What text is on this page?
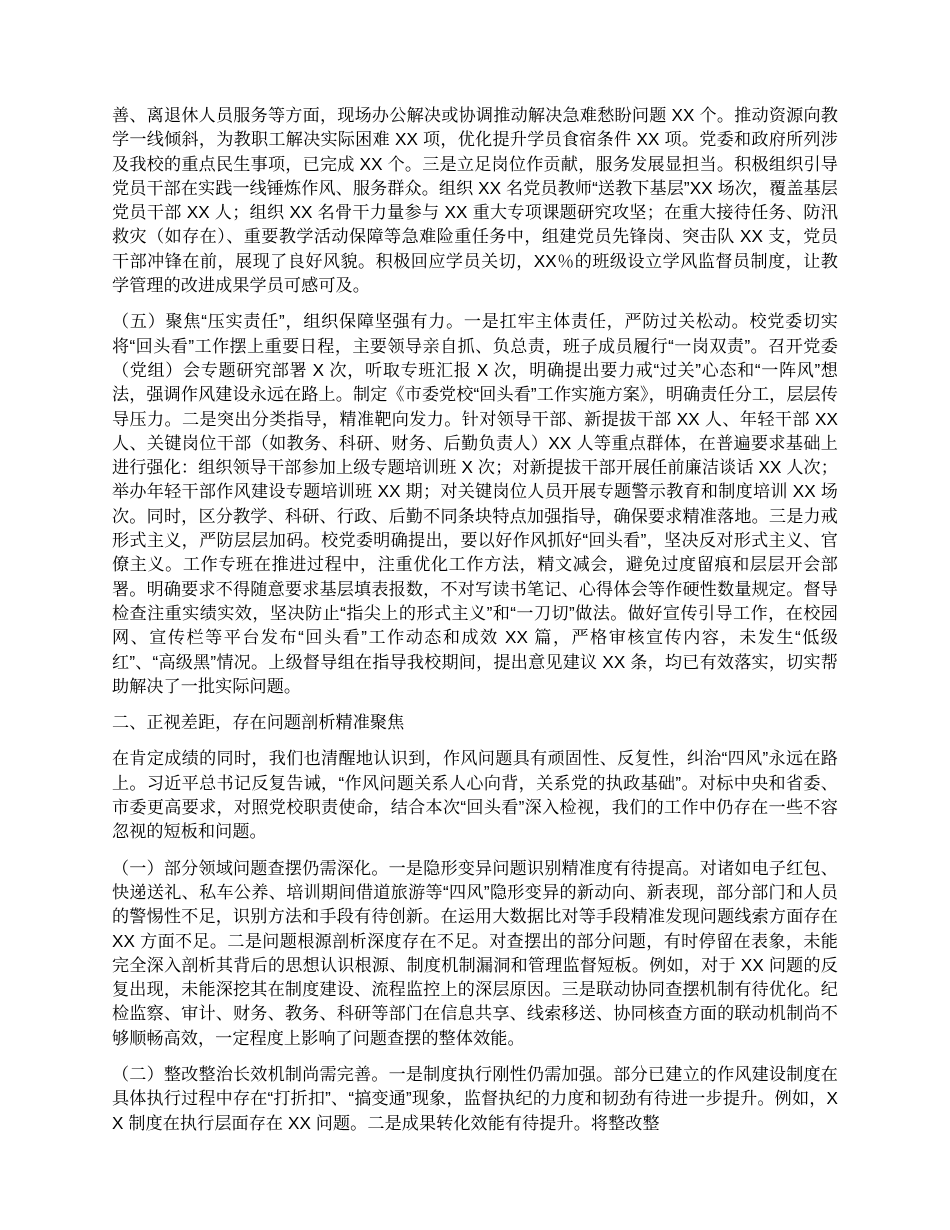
善、离退休人员服务等方面，现场办公解决或协调推动解决急难愁盼问题 XX 个。推动资源向教学一线倾斜，为教职工解决实际困难 XX 项，优化提升学员食宿条件 XX 项。党委和政府所列涉及我校的重点民生事项，已完成 XX 个。三是立足岗位作贡献，服务发展显担当。积极组织引导党员干部在实践一线锤炼作风、服务群众。组织 XX 名党员教师“送教下基层”XX 场次，覆盖基层党员干部 XX 人；组织 XX 名骨干力量参与 XX 重大专项课题研究攻坚；在重大接待任务、防汛救灾（如存在）、重要教学活动保障等急难险重任务中，组建党员先锋岗、突击队 XX 支，党员干部冲锋在前，展现了良好风貌。积极回应学员关切，XX％的班级设立学风监督员制度，让教学管理的改进成果学员可感可及。

（五）聚焦“压实责任”，组织保障坚强有力。一是扛牢主体责任，严防过关松动。校党委切实将“回头看”工作摆上重要日程，主要领导亲自抓、负总责，班子成员履行“一岗双责”。召开党委（党组）会专题研究部署 X 次，听取专班汇报 X 次，明确提出要力戒“过关”心态和“一阵风”想法，强调作风建设永远在路上。制定《市委党校“回头看”工作实施方案》，明确责任分工，层层传导压力。二是突出分类指导，精准靶向发力。针对领导干部、新提拔干部 XX 人、年轻干部 XX 人、关键岗位干部（如教务、科研、财务、后勤负责人）XX 人等重点群体，在普遍要求基础上进行强化：组织领导干部参加上级专题培训班 X 次；对新提拔干部开展任前廉洁谈话 XX 人次；举办年轻干部作风建设专题培训班 XX 期；对关键岗位人员开展专题警示教育和制度培训 XX 场次。同时，区分教学、科研、行政、后勤不同条块特点加强指导，确保要求精准落地。三是力戒形式主义，严防层层加码。校党委明确提出，要以好作风抓好“回头看”，坚决反对形式主义、官僚主义。工作专班在推进过程中，注重优化工作方法，精文减会，避免过度留痕和层层开会部署。明确要求不得随意要求基层填表报数，不对写读书笔记、心得体会等作硬性数量规定。督导检查注重实绩实效，坚决防止“指尖上的形式主义”和“一刀切”做法。做好宣传引导工作，在校园网、宣传栏等平台发布“回头看”工作动态和成效 XX 篇，严格审核宣传内容，未发生“低级红”、“高级黑”情况。上级督导组在指导我校期间，提出意见建议 XX 条，均已有效落实，切实帮助解决了一批实际问题。

二、正视差距，存在问题剖析精准聚焦

在肯定成绩的同时，我们也清醒地认识到，作风问题具有顽固性、反复性，纠治“四风”永远在路上。习近平总书记反复告诫，“作风问题关系人心向背，关系党的执政基础”。对标中央和省委、市委更高要求，对照党校职责使命，结合本次“回头看”深入检视，我们的工作中仍存在一些不容忽视的短板和问题。

（一）部分领域问题查摆仍需深化。一是隐形变异问题识别精准度有待提高。对诸如电子红包、快递送礼、私车公养、培训期间借道旅游等“四风”隐形变异的新动向、新表现，部分部门和人员的警惕性不足，识别方法和手段有待创新。在运用大数据比对等手段精准发现问题线索方面存在 XX 方面不足。二是问题根源剖析深度存在不足。对查摆出的部分问题，有时停留在表象，未能完全深入剖析其背后的思想认识根源、制度机制漏洞和管理监督短板。例如，对于 XX 问题的反复出现，未能深挖其在制度建设、流程监控上的深层原因。三是联动协同查摆机制有待优化。纪检监察、审计、财务、教务、科研等部门在信息共享、线索移送、协同核查方面的联动机制尚不够顺畅高效，一定程度上影响了问题查摆的整体效能。

（二）整改整治长效机制尚需完善。一是制度执行刚性仍需加强。部分已建立的作风建设制度在具体执行过程中存在“打折扣”、“搞变通”现象，监督执纪的力度和韧劲有待进一步提升。例如，XX 制度在执行层面存在 XX 问题。二是成果转化效能有待提升。将整改整
